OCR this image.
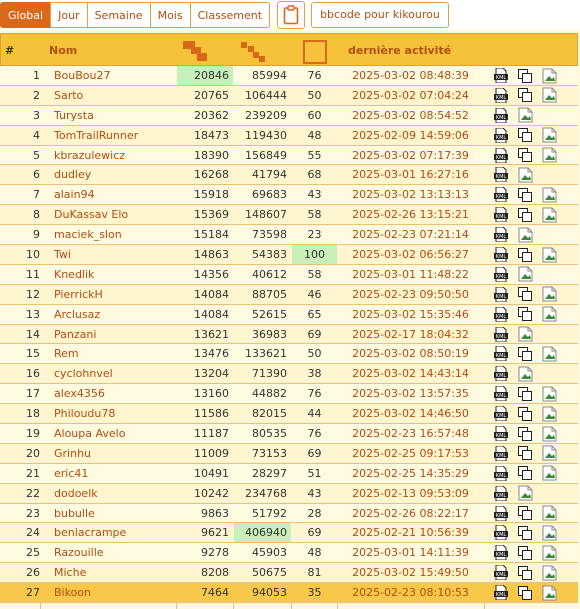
Global	Jour	Semaine	Mois	Classement	bbcode pour kikourou
#	Nom	dernière activité
1 BouBou27	20846	85994	76	2025-03-02 08:48:39	KML
2 Sarto	20765	106444	50	2025-03-02 07:04:24	KML
3 Turysta	20362	239209	60	2025-03-02 08:54:52	KML
4 TomTrailRunner	18473	119430	48	2025-02-09 14:59:06	KML
5 kbrazulewicz	18390	156849	55	2025-03-02 07:17:39	KML
6 dudley	16268	41794	68	2025-03-01 16:27:16	KML
7 alain94	15918	69683	43	2025-03-02 13:13:13	KML
8 DuKassav Elo	15369	148607	58	2025-02-26 13:15:21	KML
9 maciek_slon	15184	73598	23	2025-02-23 07:21:14	KML
10 Twi	14863	54383	100	2025-03-02 06:56:27	KML
11 Knedlik	14356	40612	58	2025-03-01 11:48:22	KML
12 PierrickH	14084	88705	46	2025-02-23 09:50:50	KML
13 Arclusaz	14084	52615	65	2025-03-02 15:35:46	KML
14 Panzani	13621	36983	69	2025-02-17 18:04:32	KML
15 Rem	13476	133621	50	2025-03-02 08:50:19	KML
16 cyclohnvel	13204	71390	38	2025-03-02 14:43:14	KML
17 alex4356	13160	44882	76	2025-03-02 13:57:35	KML
18 Philoudu78	11586	82015	44	2025-03-02 14:46:50	KML
19 Aloupa Avelo	11187	80535	76	2025-02-23 16:57:48	KML
20 Grinhu	11009	73153	69	2025-02-25 09:17:53	KML
21 eric41	10491	28297	51	2025-02-25 14:35:29	KML
22 dodoelk	10242	234768	43	2025-02-13 09:53:09	KML
23 bubulle	9863	51792	28	2025-02-26 08:22:17	KML
24 benlacrampe	9621	406940	69	2025-02-21 10:56:39	KML
25 Razouille	9278	45903	48	2025-03-01 14:11:39	KML
26 Miche	8208	50675	81	2025-03-02 15:49:50	KML
27 Bikoon	7464	94053	35	2025-02-23 08:10:53	KML
